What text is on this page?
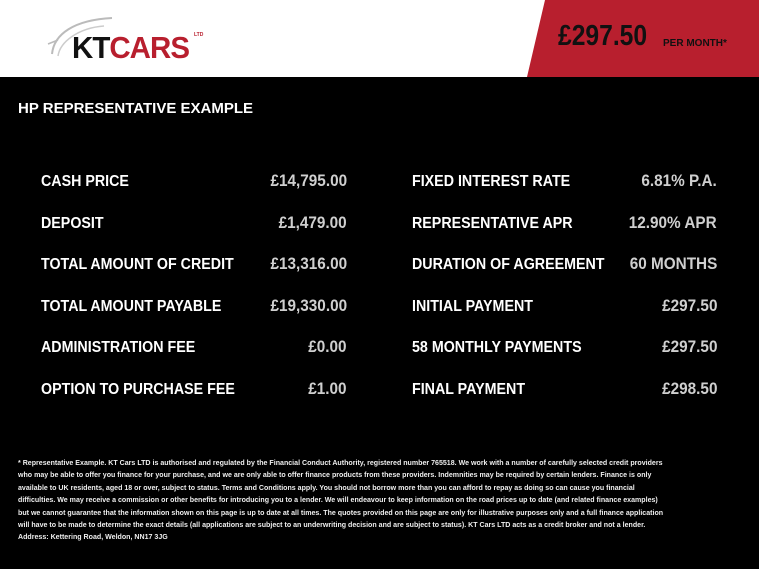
KTCARS LTD	£297.50 PER MONTH*
HP REPRESENTATIVE EXAMPLE
CASH PRICE	£14,795.00
DEPOSIT	£1,479.00
TOTAL AMOUNT OF CREDIT £13,316.00
TOTAL AMOUNT PAYABLE	£19,330.00
ADMINISTRATION FEE	£0.00
OPTION TO PURCHASE FEE	£1.00
FIXED INTEREST RATE	6.81% P.A.
REPRESENTATIVE APR	12.90% APR
DURATION OF AGREEMENT 60 MONTHS
INITIAL PAYMENT	£297.50
58 MONTHLY PAYMENTS	£297.50
FINAL PAYMENT	£298.50
* Representative Example. KT Cars LTD is authorised and regulated by the Financial Conduct Authority, registered number 765518. We work with a number of carefully selected credit providers who may be able to offer you finance for your purchase, and we are only able to offer finance products from these providers. Indemnities may be required by certain lenders. Finance is only available to UK residents, aged 18 or over, subject to status. Terms and Conditions apply. You should not borrow more than you can afford to repay as doing so can cause you financial difficulties. We may receive a commission or other benefits for introducing you to a lender. We will endeavour to keep information on the road prices up to date (and related finance examples) but we cannot guarantee that the information shown on this page is up to date at all times. The quotes provided on this page are only for illustrative purposes only and a full finance application will have to be made to determine the exact details (all applications are subject to an underwriting decision and are subject to status). KT Cars LTD acts as a credit broker and not a lender. Address: Kettering Road, Weldon, NN17 3JG
